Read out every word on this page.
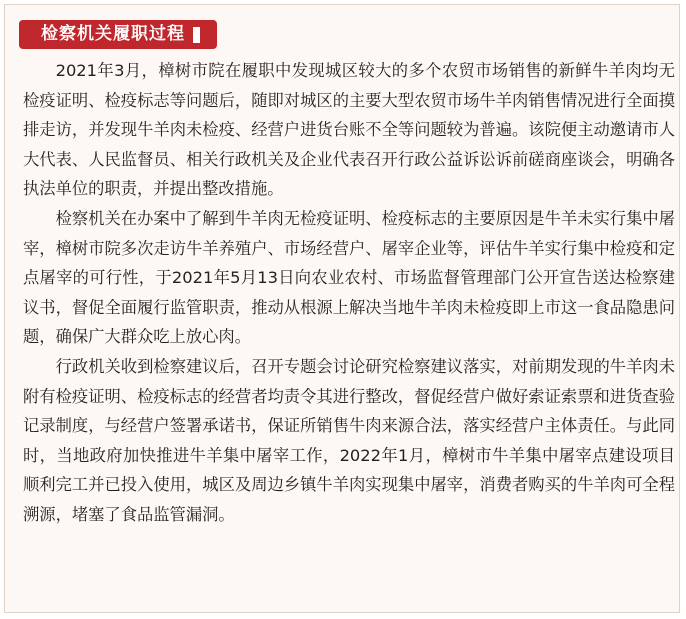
检察机关履职过程

2021年3月，樟树市院在履职中发现城区较大的多个农贸市场销售的新鲜牛羊肉均无检疫证明、检疫标志等问题后，随即对城区的主要大型农贸市场牛羊肉销售情况进行全面摸排走访，并发现牛羊肉未检疫、经营户进货台账不全等问题较为普遍。该院便主动邀请市人大代表、人民监督员、相关行政机关及企业代表召开行政公益诉讼诉前磋商座谈会，明确各执法单位的职责，并提出整改措施。

检察机关在办案中了解到牛羊肉无检疫证明、检疫标志的主要原因是牛羊未实行集中屠宰，樟树市院多次走访牛羊养殖户、市场经营户、屠宰企业等，评估牛羊实行集中检疫和定点屠宰的可行性，于2021年5月13日向农业农村、市场监督管理部门公开宣告送达检察建议书，督促全面履行监管职责，推动从根源上解决当地牛羊肉未检疫即上市这一食品隐患问题，确保广大群众吃上放心肉。

行政机关收到检察建议后，召开专题会讨论研究检察建议落实，对前期发现的牛羊肉未附有检疫证明、检疫标志的经营者均责令其进行整改，督促经营户做好索证索票和进货查验记录制度，与经营户签署承诺书，保证所销售牛肉来源合法，落实经营户主体责任。与此同时，当地政府加快推进牛羊集中屠宰工作，2022年1月，樟树市牛羊集中屠宰点建设项目顺利完工并已投入使用，城区及周边乡镇牛羊肉实现集中屠宰，消费者购买的牛羊肉可全程溯源，堵塞了食品监管漏洞。
